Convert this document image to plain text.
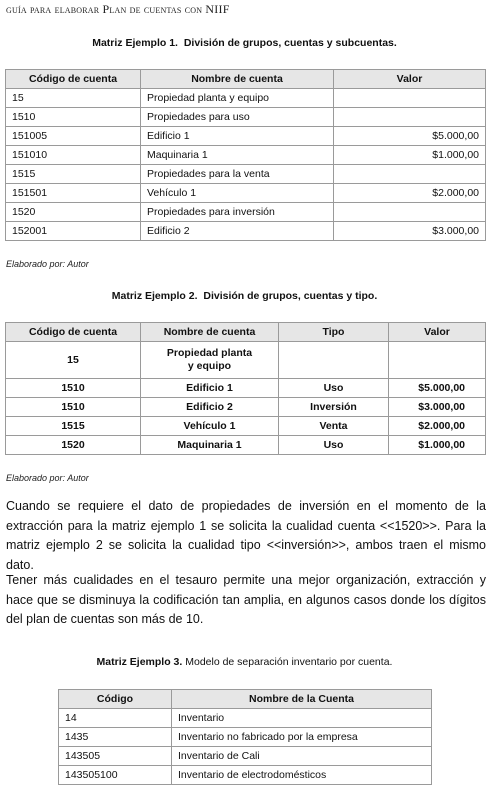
guía para elaborar Plan de cuentas con NIIF
Matriz Ejemplo 1. División de grupos, cuentas y subcuentas.
Código de cuenta	Nombre de cuenta	Valor
15	Propiedad planta y equipo	
1510	Propiedades para uso	
151005	Edificio 1	$5.000,00
151010	Maquinaria 1	$1.000,00
1515	Propiedades para la venta	
151501	Vehículo 1	$2.000,00
1520	Propiedades para inversión	
152001	Edificio 2	$3.000,00
Elaborado por: Autor
Matriz Ejemplo 2. División de grupos, cuentas y tipo.
Código de cuenta	Nombre de cuenta	Tipo	Valor
15	Propiedad planta
y equipo		
1510	Edificio 1	Uso	$5.000,00
1510	Edificio 2	Inversión	$3.000,00
1515	Vehículo 1	Venta	$2.000,00
1520	Maquinaria 1	Uso	$1.000,00
Elaborado por: Autor

Cuando se requiere el dato de propiedades de inversión en el momento de la extracción para la matriz ejemplo 1 se solicita la cualidad cuenta <<1520>>. Para la matriz ejemplo 2 se solicita la cualidad tipo <<inversión>>, ambos traen el mismo dato.

Tener más cualidades en el tesauro permite una mejor organización, extracción y hace que se disminuya la codificación tan amplia, en algunos casos donde los dígitos del plan de cuentas son más de 10.

Matriz Ejemplo 3. Modelo de separación inventario por cuenta.
Código	Nombre de la Cuenta
14	Inventario
1435	Inventario no fabricado por la empresa
143505	Inventario de Cali
143505100	Inventario de electrodomésticos
